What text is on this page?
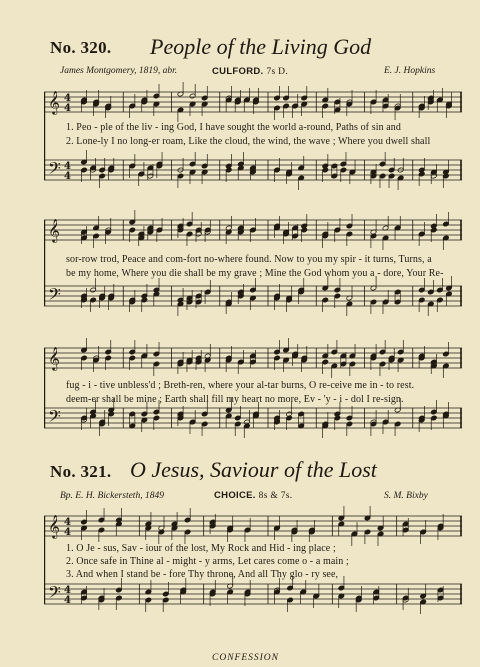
No. 320. People of the Living God
James Montgomery, 1819, abr.	CULFORD. 7s D.	E. J. Hopkins
𝄞 4
4
𝄢 4
4
1. Peo - ple of the liv - ing God, I have sought the world a-round, Paths of sin and
2. Lone-ly I no long-er roam, Like the cloud, the wind, the wave ; Where you dwell shall
𝄞
𝄢
sor-row trod, Peace and com-fort no-where found. Now to you my spir - it turns, Turns, a
be my home, Where you die shall be my grave ; Mine the God whom you a - dore, Your Re-
𝄞
𝄢
fug - i - tive unbless'd ; Breth-ren, where your al-tar burns, O re-ceive me in - to rest.
deem-er shall be mine ; Earth shall fill my heart no more, Ev - 'y - i - dol I re-sign.
No. 321. O Jesus, Saviour of the Lost
Bp. E. H. Bickersteth, 1849	CHOICE. 8s & 7s.	S. M. Bixby
𝄞 4
4
𝄢 4
4
1. O Je - sus, Sav - iour of the lost, My Rock and Hid - ing place ;
2. Once safe in Thine al - might - y arms, Let cares come o - a main ;
3. And when I stand be - fore Thy throne, And all Thy glo - ry see,
CONFESSION
